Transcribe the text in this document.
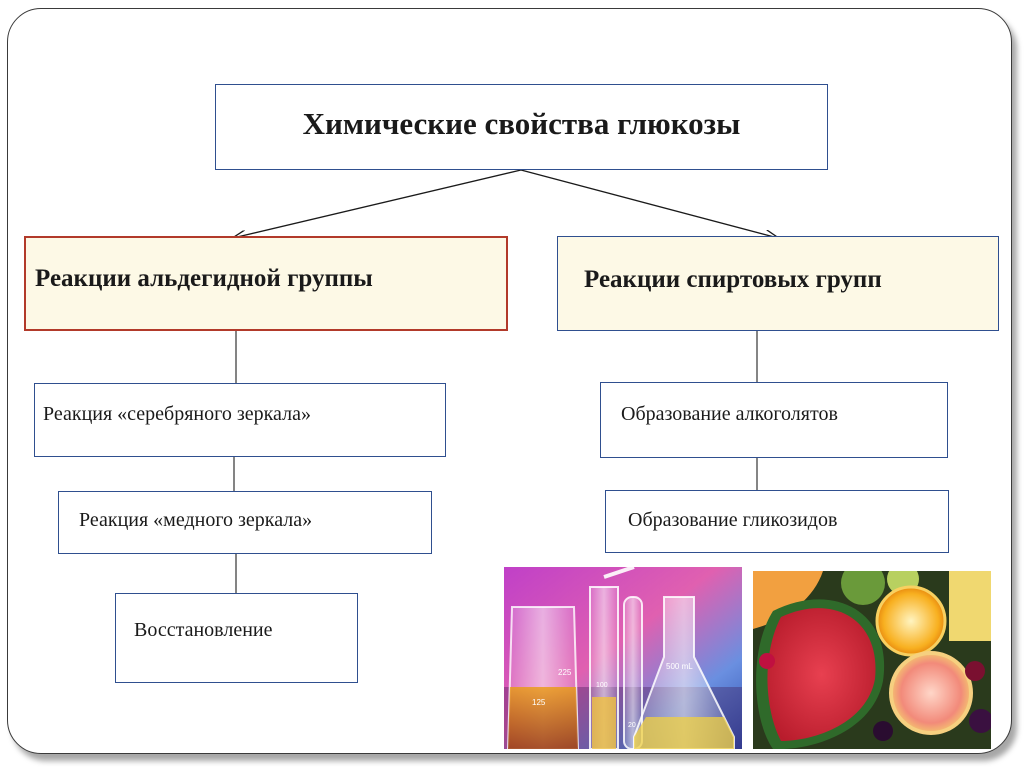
Химические свойства глюкозы
Реакции альдегидной группы	Реакции спиртовых групп
Реакция «серебряного зеркала»
Реакция «медного зеркала»
Восстановление
Образование алкоголятов
Образование гликозидов
225
500 mL
125
100
20
